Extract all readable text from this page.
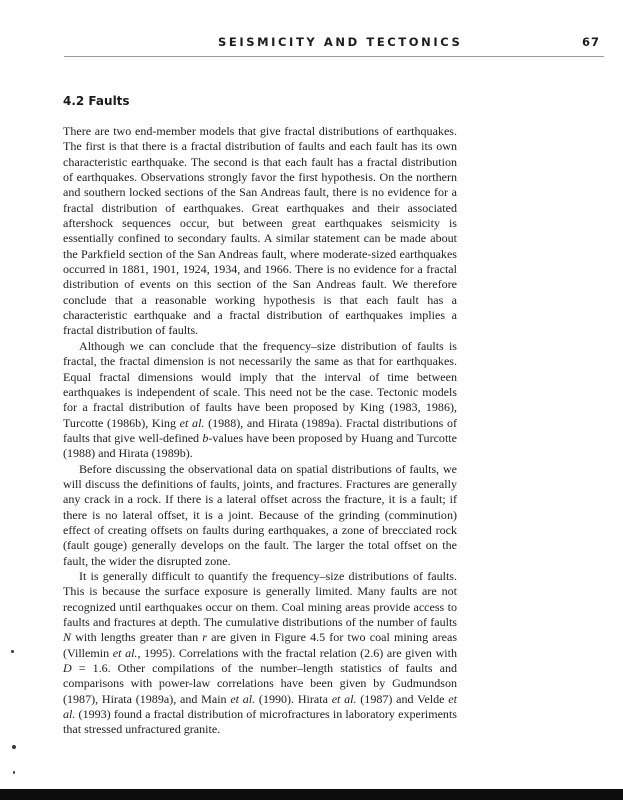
SEISMICITY AND TECTONICS	67
4.2 Faults

There are two end-member models that give fractal distributions of earthquakes. The first is that there is a fractal distribution of faults and each fault has its own characteristic earthquake. The second is that each fault has a fractal distribution of earthquakes. Observations strongly favor the first hypothesis. On the northern and southern locked sections of the San Andreas fault, there is no evidence for a fractal distribution of earthquakes. Great earthquakes and their associated aftershock sequences occur, but between great earthquakes seismicity is essentially confined to secondary faults. A similar statement can be made about the Parkfield section of the San Andreas fault, where moderate-sized earthquakes occurred in 1881, 1901, 1924, 1934, and 1966. There is no evidence for a fractal distribution of events on this section of the San Andreas fault. We therefore conclude that a reasonable working hypothesis is that each fault has a characteristic earthquake and a fractal distribution of earthquakes implies a fractal distribution of faults.

Although we can conclude that the frequency–size distribution of faults is fractal, the fractal dimension is not necessarily the same as that for earthquakes. Equal fractal dimensions would imply that the interval of time between earthquakes is independent of scale. This need not be the case. Tectonic models for a fractal distribution of faults have been proposed by King (1983, 1986), Turcotte (1986b), King et al. (1988), and Hirata (1989a). Fractal distributions of faults that give well-defined b-values have been proposed by Huang and Turcotte (1988) and Hirata (1989b).

Before discussing the observational data on spatial distributions of faults, we will discuss the definitions of faults, joints, and fractures. Fractures are generally any crack in a rock. If there is a lateral offset across the fracture, it is a fault; if there is no lateral offset, it is a joint. Because of the grinding (comminution) effect of creating offsets on faults during earthquakes, a zone of brecciated rock (fault gouge) generally develops on the fault. The larger the total offset on the fault, the wider the disrupted zone.

It is generally difficult to quantify the frequency–size distributions of faults. This is because the surface exposure is generally limited. Many faults are not recognized until earthquakes occur on them. Coal mining areas provide access to faults and fractures at depth. The cumulative distributions of the number of faults N with lengths greater than r are given in Figure 4.5 for two coal mining areas (Villemin et al., 1995). Correlations with the fractal relation (2.6) are given with D = 1.6. Other compilations of the number–length statistics of faults and comparisons with power-law correlations have been given by Gudmundson (1987), Hirata (1989a), and Main et al. (1990). Hirata et al. (1987) and Velde et al. (1993) found a fractal distribution of microfractures in laboratory experiments that stressed unfractured granite.
